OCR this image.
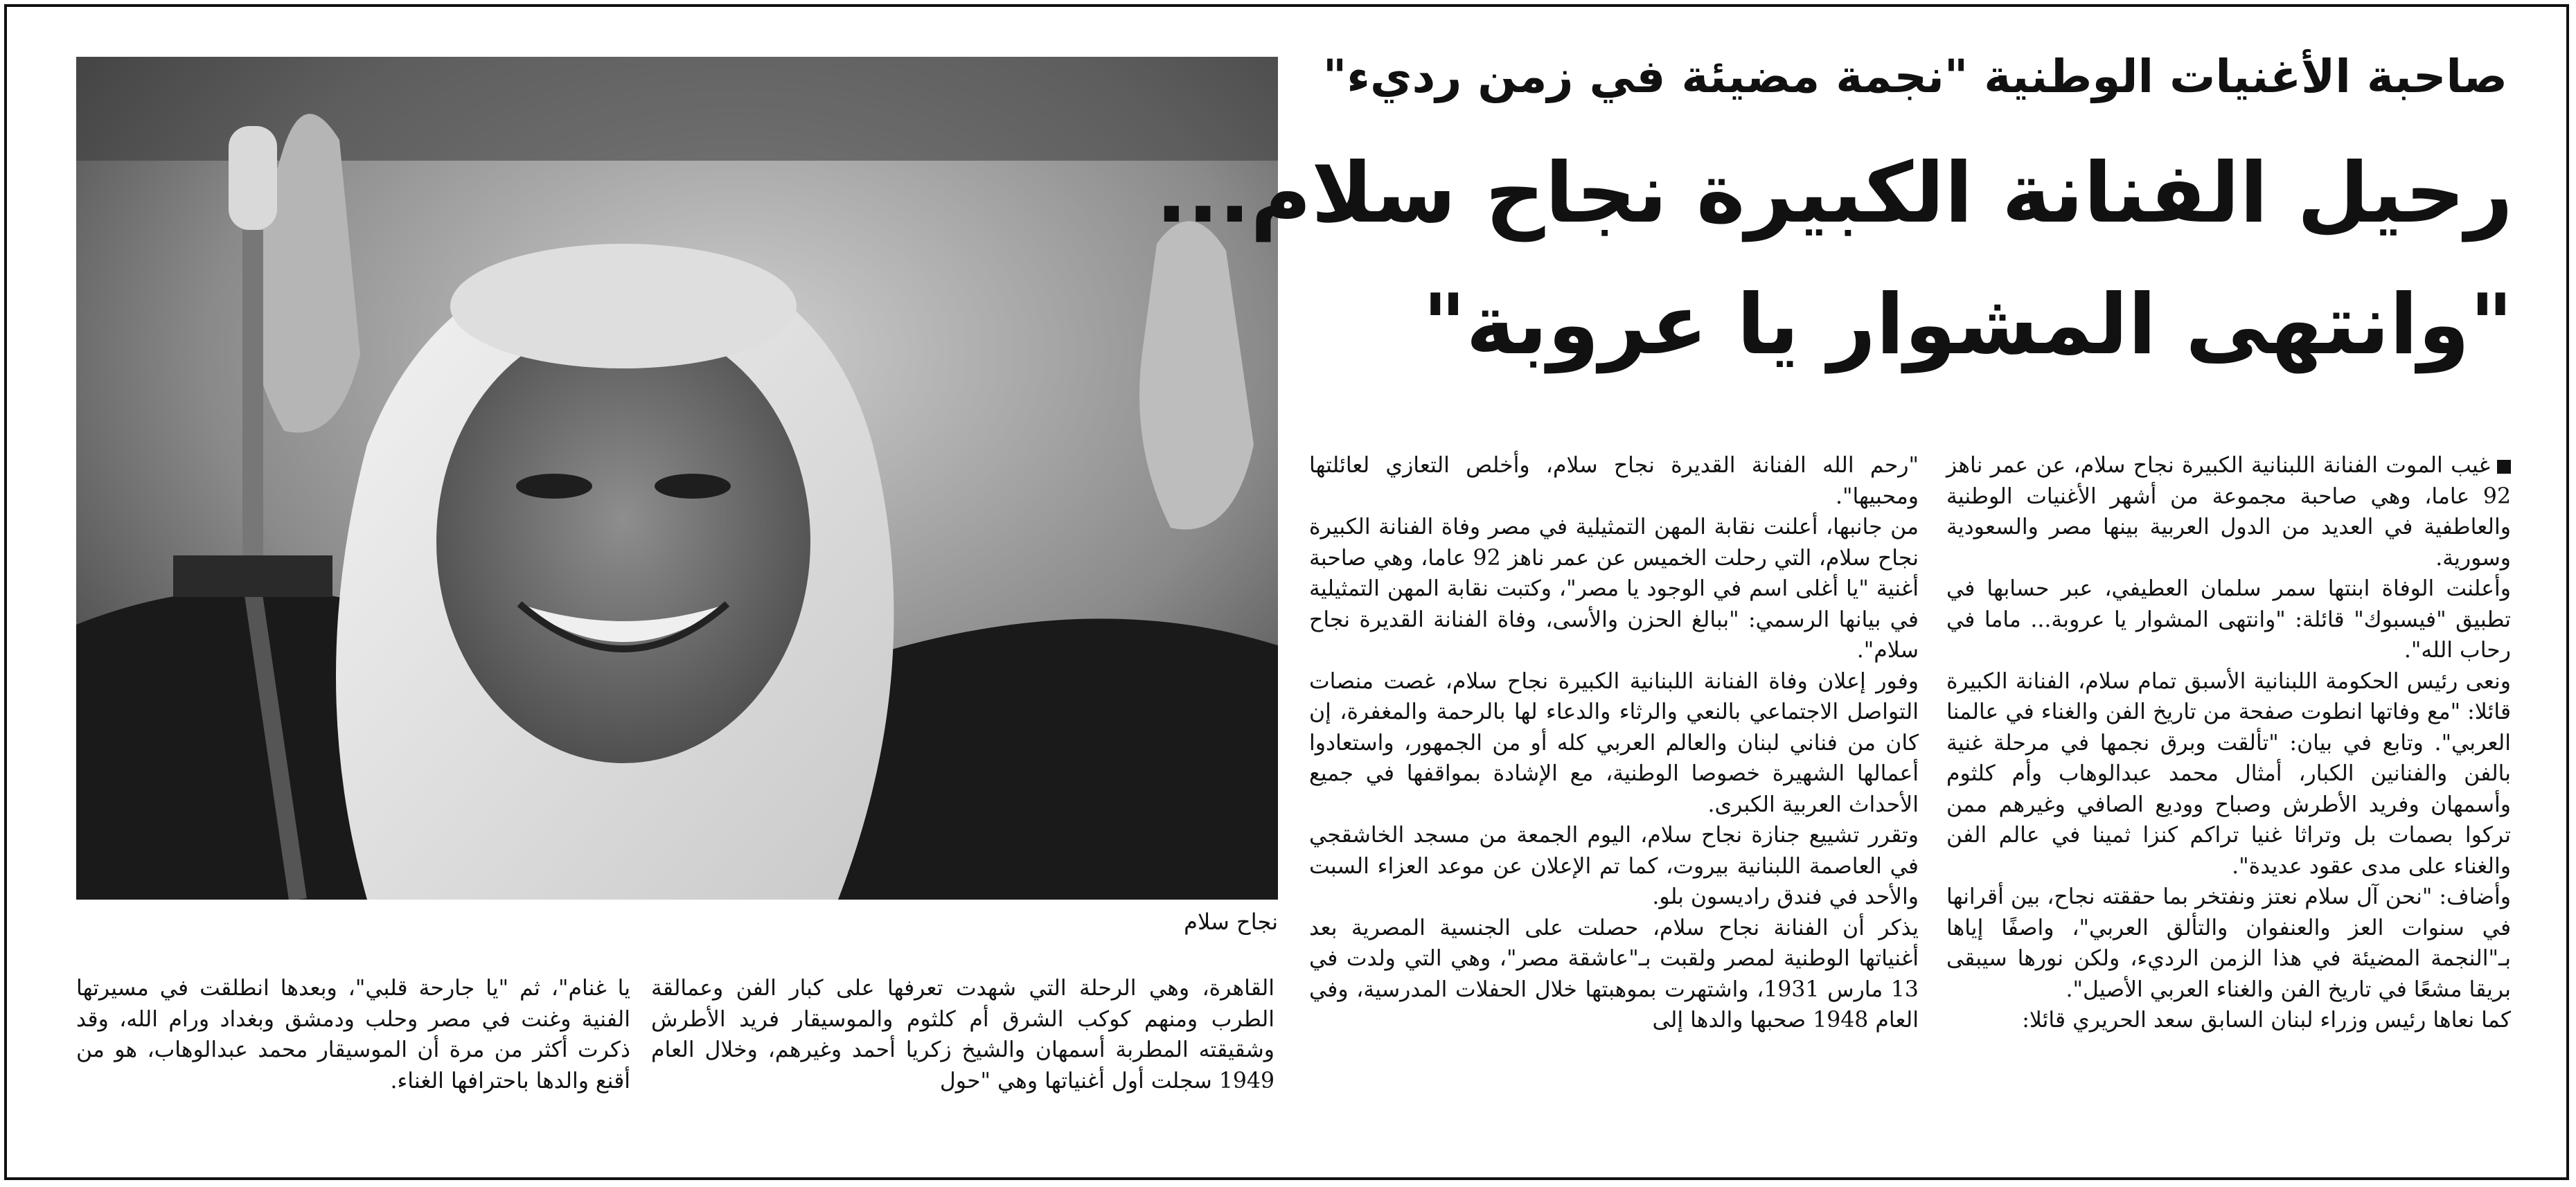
نجاح سلام
صاحبة الأغنيات الوطنية "نجمة مضيئة في زمن رديء"
رحيل الفنانة الكبيرة نجاح سلام...
"وانتهى المشوار يا عروبة"

غيب الموت الفنانة اللبنانية الكبيرة نجاح سلام، عن عمر ناهز 92 عاما، وهي صاحبة مجموعة من أشهر الأغنيات الوطنية والعاطفية في العديد من الدول العربية بينها مصر والسعودية وسورية.

وأعلنت الوفاة ابنتها سمر سلمان العطيفي، عبر حسابها في تطبيق "فيسبوك" قائلة: "وانتهى المشوار يا عروبة... ماما في رحاب الله".

ونعى رئيس الحكومة اللبنانية الأسبق تمام سلام، الفنانة الكبيرة قائلا: "مع وفاتها انطوت صفحة من تاريخ الفن والغناء في عالمنا العربي". وتابع في بيان: "تألقت وبرق نجمها في مرحلة غنية بالفن والفنانين الكبار، أمثال محمد عبدالوهاب وأم كلثوم وأسمهان وفريد الأطرش وصباح ووديع الصافي وغيرهم ممن تركوا بصمات بل وتراثا غنيا تراكم كنزا ثمينا في عالم الفن والغناء على مدى عقود عديدة".

وأضاف: "نحن آل سلام نعتز ونفتخر بما حققته نجاح، بين أقرانها في سنوات العز والعنفوان والتألق العربي"، واصفًا إياها بـ"النجمة المضيئة في هذا الزمن الرديء، ولكن نورها سيبقى بريقا مشعًا في تاريخ الفن والغناء العربي الأصيل".

كما نعاها رئيس وزراء لبنان السابق سعد الحريري قائلا:

"رحم الله الفنانة القديرة نجاح سلام، وأخلص التعازي لعائلتها ومحبيها".

من جانبها، أعلنت نقابة المهن التمثيلية في مصر وفاة الفنانة الكبيرة نجاح سلام، التي رحلت الخميس عن عمر ناهز 92 عاما، وهي صاحبة أغنية "يا أغلى اسم في الوجود يا مصر"، وكتبت نقابة المهن التمثيلية في بيانها الرسمي: "ببالغ الحزن والأسى، وفاة الفنانة القديرة نجاح سلام".

وفور إعلان وفاة الفنانة اللبنانية الكبيرة نجاح سلام، غصت منصات التواصل الاجتماعي بالنعي والرثاء والدعاء لها بالرحمة والمغفرة، إن كان من فناني لبنان والعالم العربي كله أو من الجمهور، واستعادوا أعمالها الشهيرة خصوصا الوطنية، مع الإشادة بمواقفها في جميع الأحداث العربية الكبرى.

وتقرر تشييع جنازة نجاح سلام، اليوم الجمعة من مسجد الخاشقجي في العاصمة اللبنانية بيروت، كما تم الإعلان عن موعد العزاء السبت والأحد في فندق راديسون بلو.

يذكر أن الفنانة نجاح سلام، حصلت على الجنسية المصرية بعد أغنياتها الوطنية لمصر ولقبت بـ"عاشقة مصر"، وهي التي ولدت في 13 مارس 1931، واشتهرت بموهبتها خلال الحفلات المدرسية، وفي العام 1948 صحبها والدها إلى

القاهرة، وهي الرحلة التي شهدت تعرفها على كبار الفن وعمالقة الطرب ومنهم كوكب الشرق أم كلثوم والموسيقار فريد الأطرش وشقيقته المطربة أسمهان والشيخ زكريا أحمد وغيرهم، وخلال العام 1949 سجلت أول أغنياتها وهي "حول

يا غنام"، ثم "يا جارحة قلبي"، وبعدها انطلقت في مسيرتها الفنية وغنت في مصر وحلب ودمشق وبغداد ورام الله، وقد ذكرت أكثر من مرة أن الموسيقار محمد عبدالوهاب، هو من أقنع والدها باحترافها الغناء.
